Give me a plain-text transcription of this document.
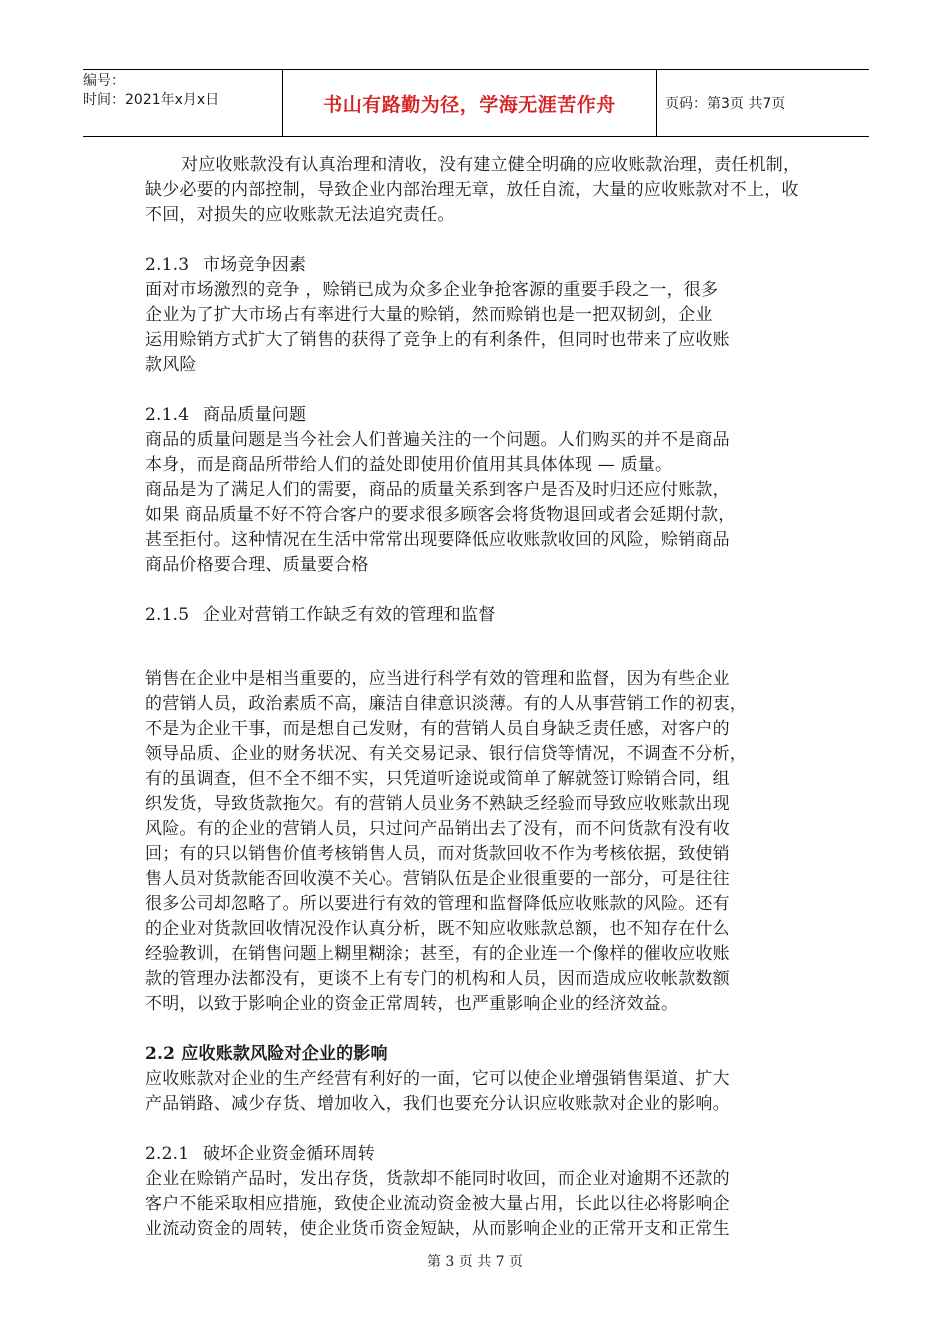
编号：
时间：2021年x月x日	书山有路勤为径，学海无涯苦作舟	页码：第3页 共7页

对应收账款没有认真治理和清收，没有建立健全明确的应收账款治理，责任机制，缺少必要的内部控制，导致企业内部治理无章，放任自流，大量的应收账款对不上，收不回，对损失的应收账款无法追究责任。

2.1.3 市场竞争因素

面对市场激烈的竞争 ，赊销已成为众多企业争抢客源的重要手段之一，很多

企业为了扩大市场占有率进行大量的赊销，然而赊销也是一把双韧剑，企业

运用赊销方式扩大了销售的获得了竞争上的有利条件，但同时也带来了应收账

款风险

2.1.4 商品质量问题

商品的质量问题是当今社会人们普遍关注的一个问题。人们购买的并不是商品

本身，而是商品所带给人们的益处即使用价值用其具体体现 — 质量。

商品是为了满足人们的需要，商品的质量关系到客户是否及时归还应付账款，

如果 商品质量不好不符合客户的要求很多顾客会将货物退回或者会延期付款，

甚至拒付。这种情况在生活中常常出现要降低应收账款收回的风险，赊销商品

商品价格要合理、质量要合格

2.1.5 企业对营销工作缺乏有效的管理和监督

销售在企业中是相当重要的，应当进行科学有效的管理和监督，因为有些企业

的营销人员，政治素质不高，廉洁自律意识淡薄。有的人从事营销工作的初衷，

不是为企业干事，而是想自己发财，有的营销人员自身缺乏责任感，对客户的

领导品质、企业的财务状况、有关交易记录、银行信贷等情况，不调查不分析，

有的虽调查，但不全不细不实，只凭道听途说或简单了解就签订赊销合同，组

织发货，导致货款拖欠。有的营销人员业务不熟缺乏经验而导致应收账款出现

风险。有的企业的营销人员，只过问产品销出去了没有，而不问货款有没有收

回；有的只以销售价值考核销售人员，而对货款回收不作为考核依据，致使销

售人员对货款能否回收漠不关心。营销队伍是企业很重要的一部分，可是往往

很多公司却忽略了。所以要进行有效的管理和监督降低应收账款的风险。还有

的企业对货款回收情况没作认真分析，既不知应收账款总额，也不知存在什么

经验教训，在销售问题上糊里糊涂；甚至，有的企业连一个像样的催收应收账

款的管理办法都没有，更谈不上有专门的机构和人员，因而造成应收帐款数额

不明，以致于影响企业的资金正常周转，也严重影响企业的经济效益。

2.2 应收账款风险对企业的影响

应收账款对企业的生产经营有利好的一面，它可以使企业增强销售渠道、扩大

产品销路、减少存货、增加收入，我们也要充分认识应收账款对企业的影响。

2.2.1 破坏企业资金循环周转

企业在赊销产品时，发出存货，货款却不能同时收回，而企业对逾期不还款的

客户不能采取相应措施，致使企业流动资金被大量占用，长此以往必将影响企

业流动资金的周转，使企业货币资金短缺，从而影响企业的正常开支和正常生

第 3 页 共 7 页
